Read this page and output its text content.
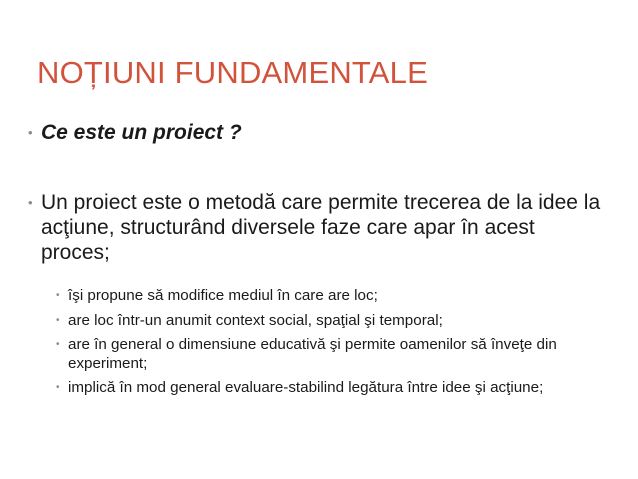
NOȚIUNI FUNDAMENTALE
• Ce este un proiect ?
• Un proiect este o metodă care permite trecerea de la idee la acţiune, structurând diversele faze care apar în acest proces;
• îşi propune să modifice mediul în care are loc;
• are loc într-un anumit context social, spaţial şi temporal;
• are în general o dimensiune educativă şi permite oamenilor să înveţe din experiment;
• implică în mod general evaluare-stabilind legătura între idee şi acţiune;
